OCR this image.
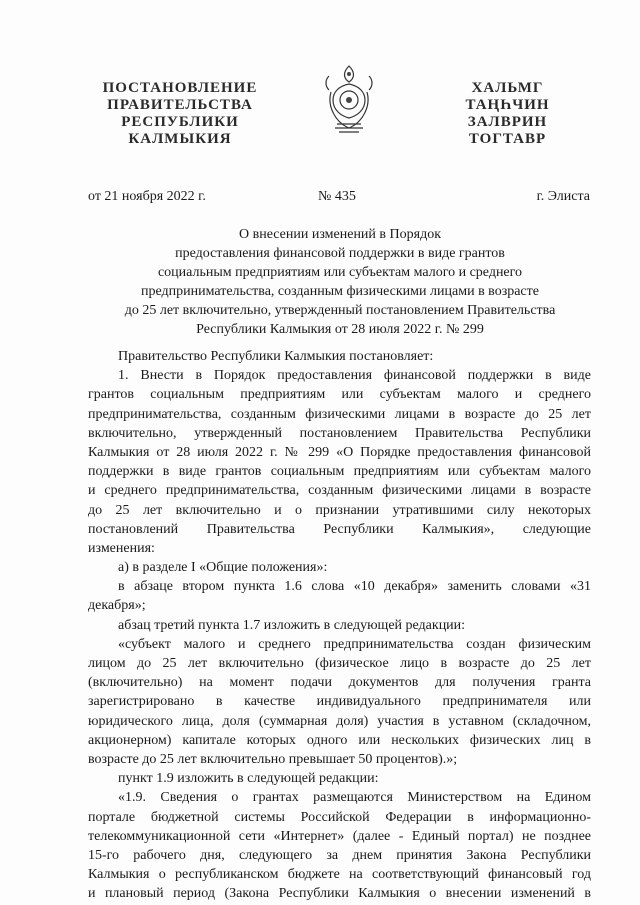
ПОСТАНОВЛЕНИЕ
ПРАВИТЕЛЬСТВА
РЕСПУБЛИКИ
КАЛМЫКИЯ
ХАЛЬМГ
ТАҢҺЧИН
ЗАЛВРИН
ТОГТАВР
от 21 ноября 2022 г.	№ 435	г. Элиста
О внесении изменений в Порядок
предоставления финансовой поддержки в виде грантов
социальным предприятиям или субъектам малого и среднего
предпринимательства, созданным физическими лицами в возрасте
до 25 лет включительно, утвержденный постановлением Правительства
Республики Калмыкия от 28 июля 2022 г. № 299
Правительство Республики Калмыкия постановляет:
1. Внести в Порядок предоставления финансовой поддержки в виде
грантов социальным предприятиям или субъектам малого и среднего
предпринимательства, созданным физическими лицами в возрасте до 25 лет
включительно, утвержденный постановлением Правительства Республики
Калмыкия от 28 июля 2022 г. № 299 «О Порядке предоставления финансовой
поддержки в виде грантов социальным предприятиям или субъектам малого
и среднего предпринимательства, созданным физическими лицами в возрасте
до 25 лет включительно и о признании утратившими силу некоторых
постановлений Правительства Республики Калмыкия», следующие
изменения:
а) в разделе I «Общие положения»:
в абзаце втором пункта 1.6 слова «10 декабря» заменить словами «31
декабря»;
абзац третий пункта 1.7 изложить в следующей редакции:
«субъект малого и среднего предпринимательства создан физическим
лицом до 25 лет включительно (физическое лицо в возрасте до 25 лет
(включительно) на момент подачи документов для получения гранта
зарегистрировано в качестве индивидуального предпринимателя или
юридического лица, доля (суммарная доля) участия в уставном (складочном,
акционерном) капитале которых одного или нескольких физических лиц в
возрасте до 25 лет включительно превышает 50 процентов).»;
пункт 1.9 изложить в следующей редакции:
«1.9. Сведения о грантах размещаются Министерством на Едином
портале бюджетной системы Российской Федерации в информационно-
телекоммуникационной сети «Интернет» (далее - Единый портал) не позднее
15-го рабочего дня, следующего за днем принятия Закона Республики
Калмыкия о республиканском бюджете на соответствующий финансовый год
и плановый период (Закона Республики Калмыкия о внесении изменений в
